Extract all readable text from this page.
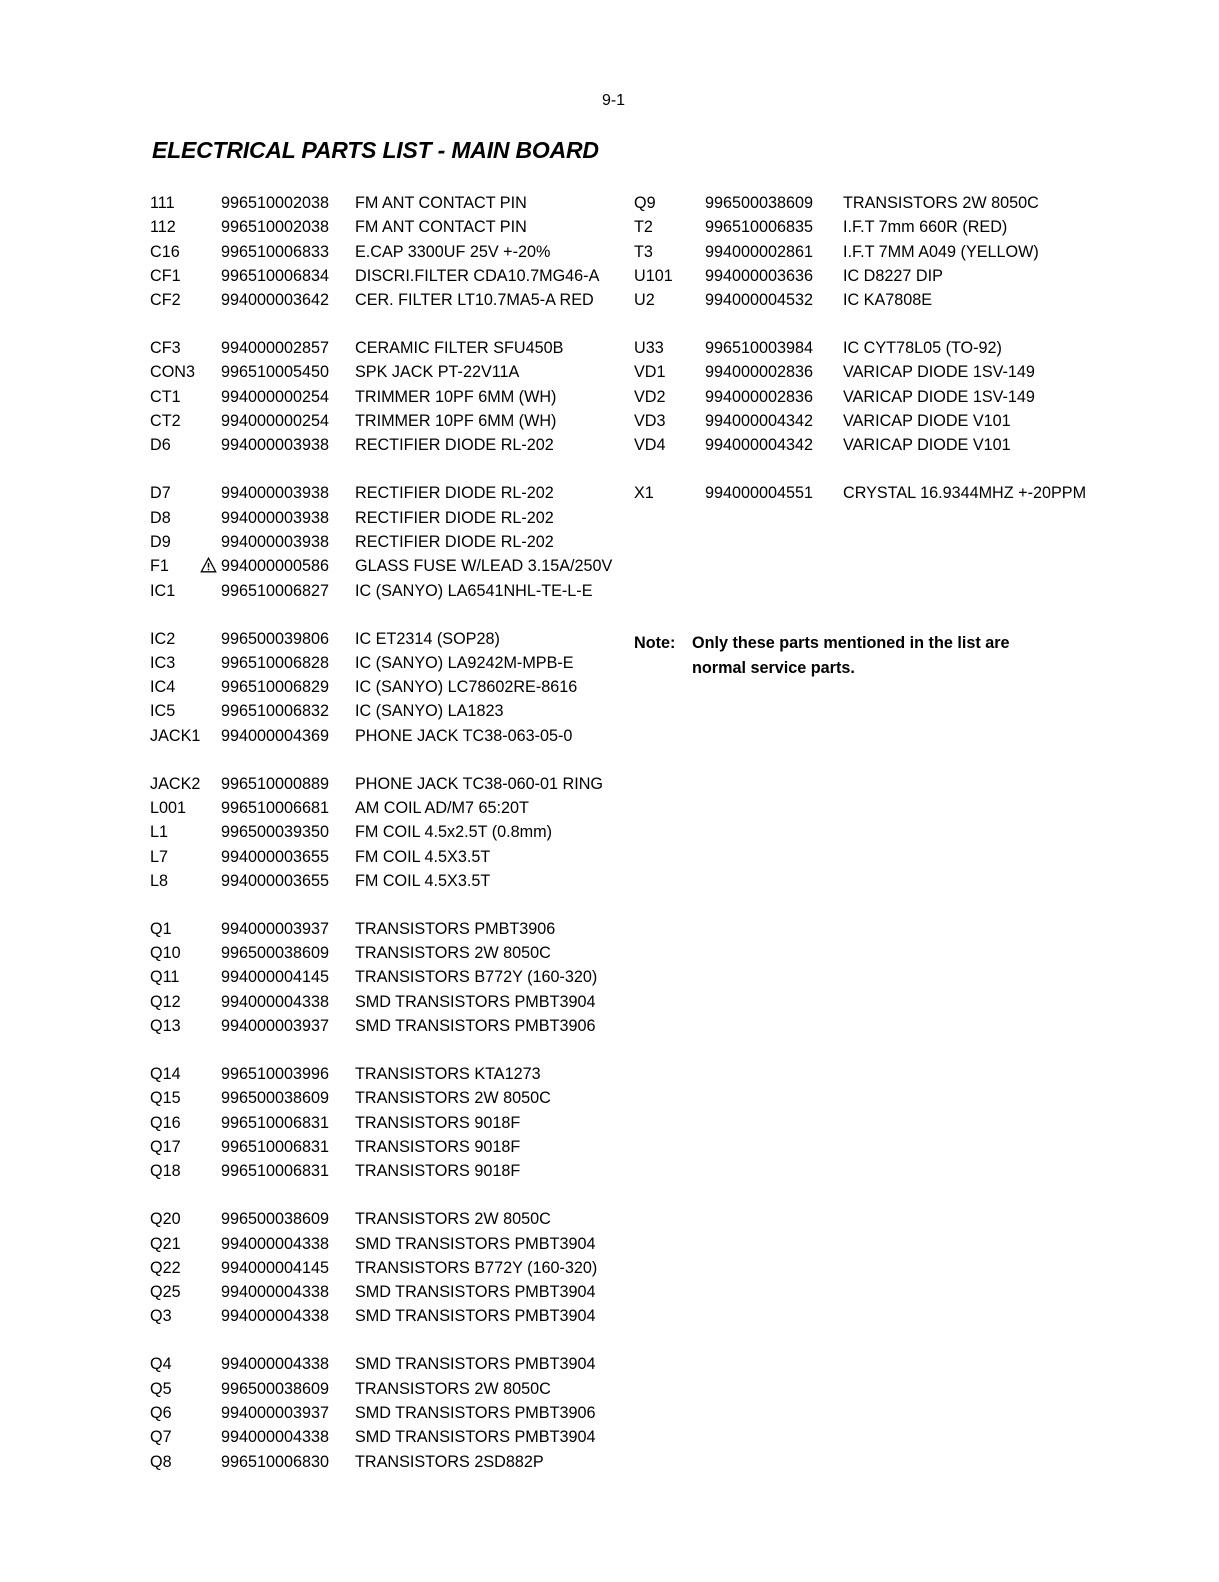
9-1
ELECTRICAL PARTS LIST - MAIN BOARD
111	996510002038 FM ANT CONTACT PIN
112	996510002038 FM ANT CONTACT PIN
C16	996510006833 E.CAP 3300UF 25V +-20%
CF1 996510006834 DISCRI.FILTER CDA10.7MG46-A
CF2 994000003642 CER. FILTER LT10.7MA5-A RED
CF3 994000002857 CERAMIC FILTER SFU450B
CON3 996510005450 SPK JACK PT-22V11A
CT1 994000000254 TRIMMER 10PF 6MM (WH)
CT2 994000000254 TRIMMER 10PF 6MM (WH)
D6	994000003938 RECTIFIER DIODE RL-202
D7	994000003938 RECTIFIER DIODE RL-202
D8	994000003938 RECTIFIER DIODE RL-202
D9	994000003938 RECTIFIER DIODE RL-202
F1	994000000586 GLASS FUSE W/LEAD 3.15A/250V
IC1	996510006827 IC (SANYO) LA6541NHL-TE-L-E
IC2	996500039806 IC ET2314 (SOP28)
IC3	996510006828 IC (SANYO) LA9242M-MPB-E
IC4	996510006829 IC (SANYO) LC78602RE-8616
IC5	996510006832 IC (SANYO) LA1823
JACK1 994000004369 PHONE JACK TC38-063-05-0
JACK2 996510000889 PHONE JACK TC38-060-01 RING
L001 996510006681 AM COIL AD/M7 65:20T
L1	996500039350 FM COIL 4.5x2.5T (0.8mm)
L7	994000003655 FM COIL 4.5X3.5T
L8	994000003655 FM COIL 4.5X3.5T
Q1	994000003937 TRANSISTORS PMBT3906
Q10 996500038609 TRANSISTORS 2W 8050C
Q11	994000004145 TRANSISTORS B772Y (160-320)
Q12 994000004338 SMD TRANSISTORS PMBT3904
Q13 994000003937 SMD TRANSISTORS PMBT3906
Q14 996510003996 TRANSISTORS KTA1273
Q15 996500038609 TRANSISTORS 2W 8050C
Q16 996510006831 TRANSISTORS 9018F
Q17 996510006831 TRANSISTORS 9018F
Q18 996510006831 TRANSISTORS 9018F
Q20 996500038609 TRANSISTORS 2W 8050C
Q21 994000004338 SMD TRANSISTORS PMBT3904
Q22 994000004145 TRANSISTORS B772Y (160-320)
Q25 994000004338 SMD TRANSISTORS PMBT3904
Q3	994000004338 SMD TRANSISTORS PMBT3904
Q4	994000004338 SMD TRANSISTORS PMBT3904
Q5	996500038609 TRANSISTORS 2W 8050C
Q6	994000003937 SMD TRANSISTORS PMBT3906
Q7	994000004338 SMD TRANSISTORS PMBT3904
Q8	996510006830 TRANSISTORS 2SD882P
Q9	996500038609 TRANSISTORS 2W 8050C
T2	996510006835 I.F.T 7mm 660R (RED)
T3	994000002861 I.F.T 7MM A049 (YELLOW)
U101 994000003636 IC D8227 DIP
U2	994000004532 IC KA7808E
U33	996510003984 IC CYT78L05 (TO-92)
VD1 994000002836 VARICAP DIODE 1SV-149
VD2 994000002836 VARICAP DIODE 1SV-149
VD3 994000004342 VARICAP DIODE V101
VD4 994000004342 VARICAP DIODE V101
X1	994000004551 CRYSTAL 16.9344MHZ +-20PPM
Note: Only these parts mentioned in the list are
normal service parts.
